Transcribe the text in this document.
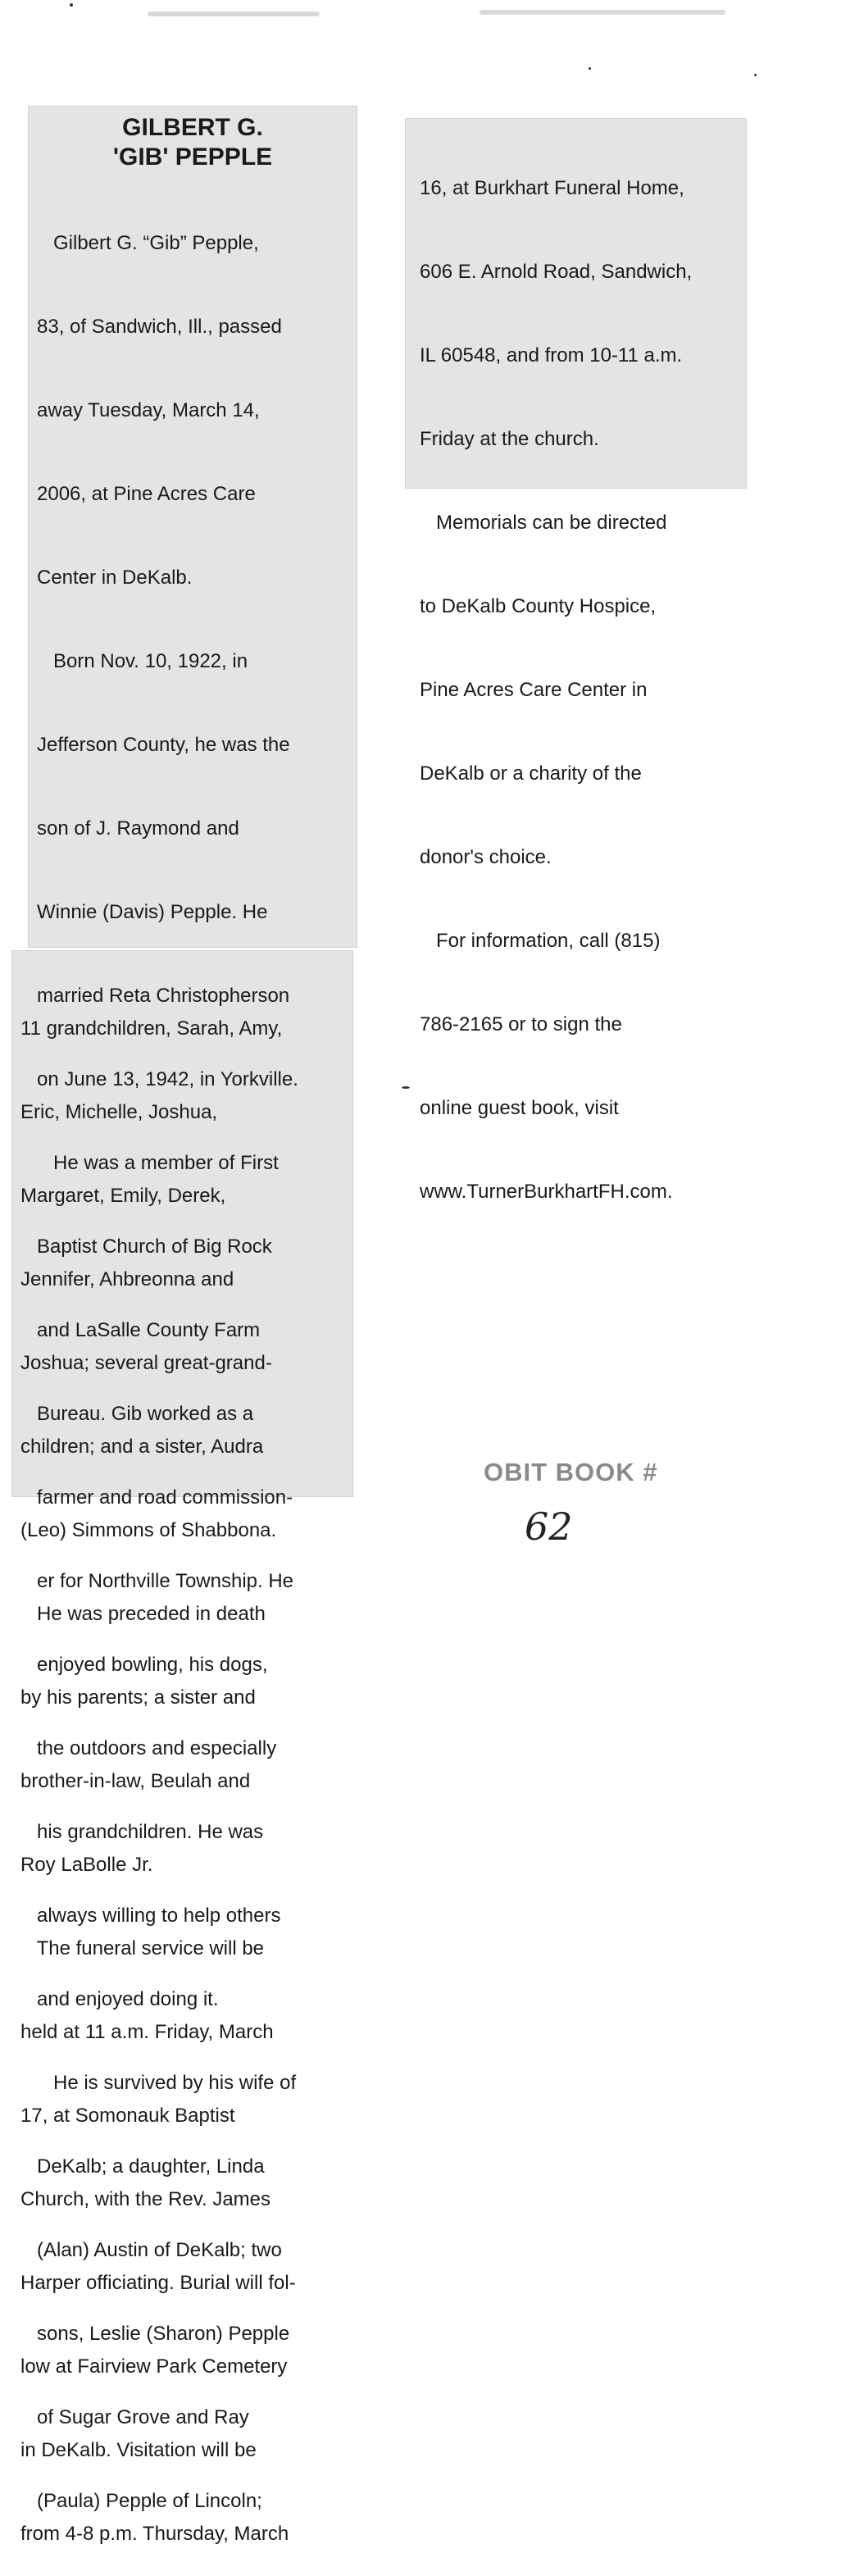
GILBERT G.
'GIB' PEPPLE

Gilbert G. “Gib” Pepple,

83, of Sandwich, Ill., passed

away Tuesday, March 14,

2006, at Pine Acres Care

Center in DeKalb.

Born Nov. 10, 1922, in

Jefferson County, he was the

son of J. Raymond and

Winnie (Davis) Pepple. He

married Reta Christopherson

on June 13, 1942, in Yorkville.

He was a member of First

Baptist Church of Big Rock

and LaSalle County Farm

Bureau. Gib worked as a

farmer and road commission-

er for Northville Township. He

enjoyed bowling, his dogs,

the outdoors and especially

his grandchildren. He was

always willing to help others

and enjoyed doing it.

He is survived by his wife of

DeKalb; a daughter, Linda

(Alan) Austin of DeKalb; two

sons, Leslie (Sharon) Pepple

of Sugar Grove and Ray

(Paula) Pepple of Lincoln;

11 grandchildren, Sarah, Amy,

Eric, Michelle, Joshua,

Margaret, Emily, Derek,

Jennifer, Ahbreonna and

Joshua; several great-grand-

children; and a sister, Audra

(Leo) Simmons of Shabbona.

He was preceded in death

by his parents; a sister and

brother-in-law, Beulah and

Roy LaBolle Jr.

The funeral service will be

held at 11 a.m. Friday, March

17, at Somonauk Baptist

Church, with the Rev. James

Harper officiating. Burial will fol-

low at Fairview Park Cemetery

in DeKalb. Visitation will be

from 4-8 p.m. Thursday, March

16, at Burkhart Funeral Home,

606 E. Arnold Road, Sandwich,

IL 60548, and from 10-11 a.m.

Friday at the church.

Memorials can be directed

to DeKalb County Hospice,

Pine Acres Care Center in

DeKalb or a charity of the

donor's choice.

For information, call (815)

786-2165 or to sign the

online guest book, visit

www.TurnerBurkhartFH.com.

OBIT BOOK #
62
